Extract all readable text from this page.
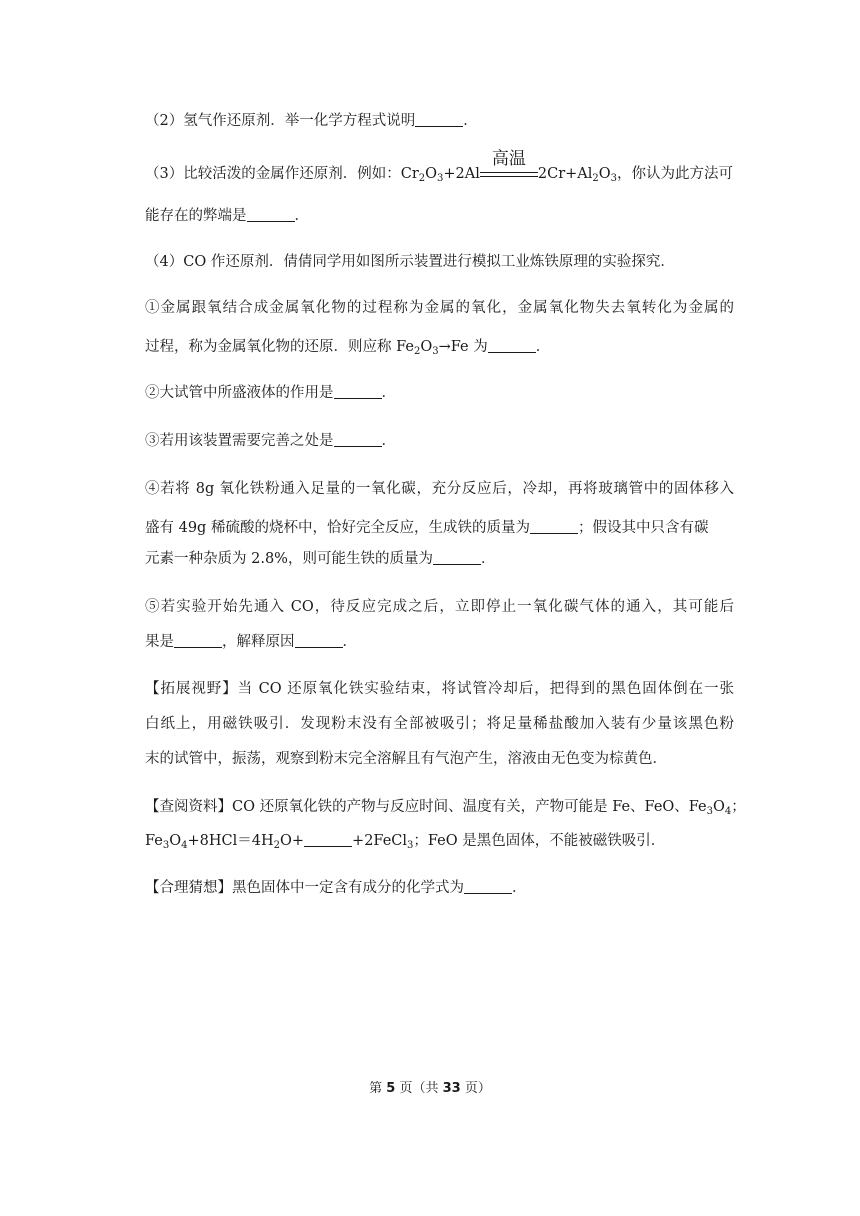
（2）氢气作还原剂．举一化学方程式说明	．
（3）比较活泼的金属作还原剂．例如：$Cr_2O_3+2Al$
高温
$2Cr+Al_2O_3$，你认为此方法可
能存在的弊端是	．
（4）CO 作还原剂．倩倩同学用如图所示装置进行模拟工业炼铁原理的实验探究．
①金属跟氧结合成金属氧化物的过程称为金属的氧化，金属氧化物失去氧转化为金属的
过程，称为金属氧化物的还原．则应称 $Fe_2O_3\to Fe$ 为	．
②大试管中所盛液体的作用是	．
③若用该装置需要完善之处是	．
④若将 8g 氧化铁粉通入足量的一氧化碳，充分反应后，冷却，再将玻璃管中的固体移入
盛有 49g 稀硫酸的烧杯中，恰好完全反应，生成铁的质量为	；假设其中只含有碳
元素一种杂质为 2.8%，则可能生铁的质量为	．
⑤若实验开始先通入 CO，待反应完成之后，立即停止一氧化碳气体的通入，其可能后
果是	，解释原因	．
【拓展视野】当 CO 还原氧化铁实验结束，将试管冷却后，把得到的黑色固体倒在一张
白纸上，用磁铁吸引．发现粉末没有全部被吸引；将足量稀盐酸加入装有少量该黑色粉
末的试管中，振荡，观察到粉末完全溶解且有气泡产生，溶液由无色变为棕黄色．
【查阅资料】CO 还原氧化铁的产物与反应时间、温度有关，产物可能是 Fe、FeO、$Fe_3O_4$；
$Fe_3O_4+8HCl=4H_2O+$	+2FeCl$_3$；FeO 是黑色固体，不能被磁铁吸引．
【合理猜想】黑色固体中一定含有成分的化学式为	．
第 5 页（共 33 页）
